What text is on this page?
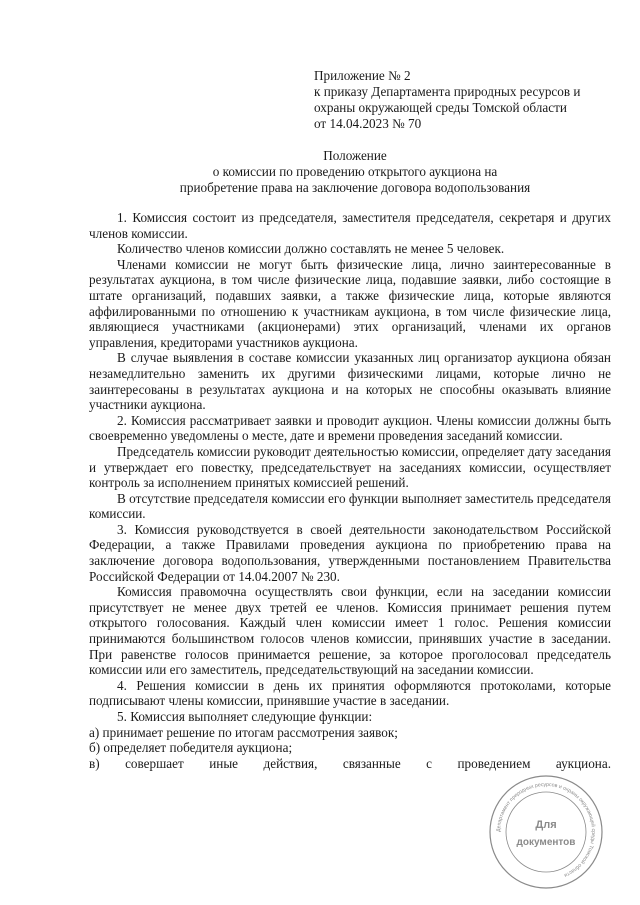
Приложение № 2
к приказу Департамента природных ресурсов и
охраны окружающей среды Томской области
от 14.04.2023 № 70
Положение
о комиссии по проведению открытого аукциона на
приобретение права на заключение договора водопользования

1. Комиссия состоит из председателя, заместителя председателя, секретаря и других членов комиссии.

Количество членов комиссии должно составлять не менее 5 человек.

Членами комиссии не могут быть физические лица, лично заинтересованные в результатах аукциона, в том числе физические лица, подавшие заявки, либо состоящие в штате организаций, подавших заявки, а также физические лица, которые являются аффилированными по отношению к участникам аукциона, в том числе физические лица, являющиеся участниками (акционерами) этих организаций, членами их органов управления, кредиторами участников аукциона.

В случае выявления в составе комиссии указанных лиц организатор аукциона обязан незамедлительно заменить их другими физическими лицами, которые лично не заинтересованы в результатах аукциона и на которых не способны оказывать влияние участники аукциона.

2. Комиссия рассматривает заявки и проводит аукцион. Члены комиссии должны быть своевременно уведомлены о месте, дате и времени проведения заседаний комиссии.

Председатель комиссии руководит деятельностью комиссии, определяет дату заседания и утверждает его повестку, председательствует на заседаниях комиссии, осуществляет контроль за исполнением принятых комиссией решений.

В отсутствие председателя комиссии его функции выполняет заместитель председателя комиссии.

3. Комиссия руководствуется в своей деятельности законодательством Российской Федерации, а также Правилами проведения аукциона по приобретению права на заключение договора водопользования, утвержденными постановлением Правительства Российской Федерации от 14.04.2007 № 230.

Комиссия правомочна осуществлять свои функции, если на заседании комиссии присутствует не менее двух третей ее членов. Комиссия принимает решения путем открытого голосования. Каждый член комиссии имеет 1 голос. Решения комиссии принимаются большинством голосов членов комиссии, принявших участие в заседании. При равенстве голосов принимается решение, за которое проголосовал председатель комиссии или его заместитель, председательствующий на заседании комиссии.

4. Решения комиссии в день их принятия оформляются протоколами, которые подписывают члены комиссии, принявшие участие в заседании.

5. Комиссия выполняет следующие функции:

а) принимает решение по итогам рассмотрения заявок;

б) определяет победителя аукциона;

в) совершает иные действия, связанные с проведением аукциона.

Департамент природных ресурсов и охраны окружающей среды Томской области
Для
документов
